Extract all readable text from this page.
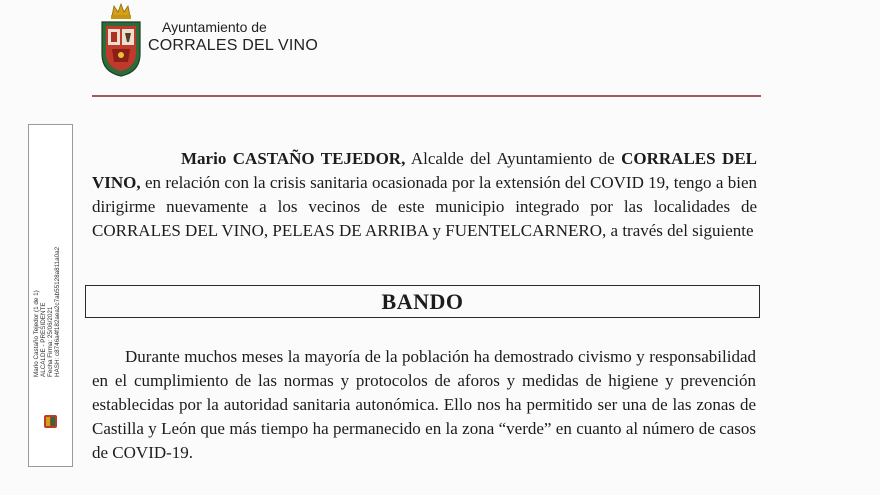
Ayuntamiento de
CORRALES DEL VINO
Mario Castaño Tejedor (1 de 1) ALCALDE - PRESIDENTE Fecha Firma: 25/06/2021 HASH: c8746a4f182aea2c7ab55128a811a0a2
Mario CASTAÑO TEJEDOR, Alcalde del Ayuntamiento de CORRALES DEL VINO, en relación con la crisis sanitaria ocasionada por la extensión del COVID 19, tengo a bien dirigirme nuevamente a los vecinos de este municipio integrado por las localidades de CORRALES DEL VINO, PELEAS DE ARRIBA y FUENTELCARNERO, a través del siguiente
BANDO
Durante muchos meses la mayoría de la población ha demostrado civismo y responsabilidad en el cumplimiento de las normas y protocolos de aforos y medidas de higiene y prevención establecidas por la autoridad sanitaria autonómica. Ello nos ha permitido ser una de las zonas de Castilla y León que más tiempo ha permanecido en la zona “verde” en cuanto al número de casos de COVID-19.
